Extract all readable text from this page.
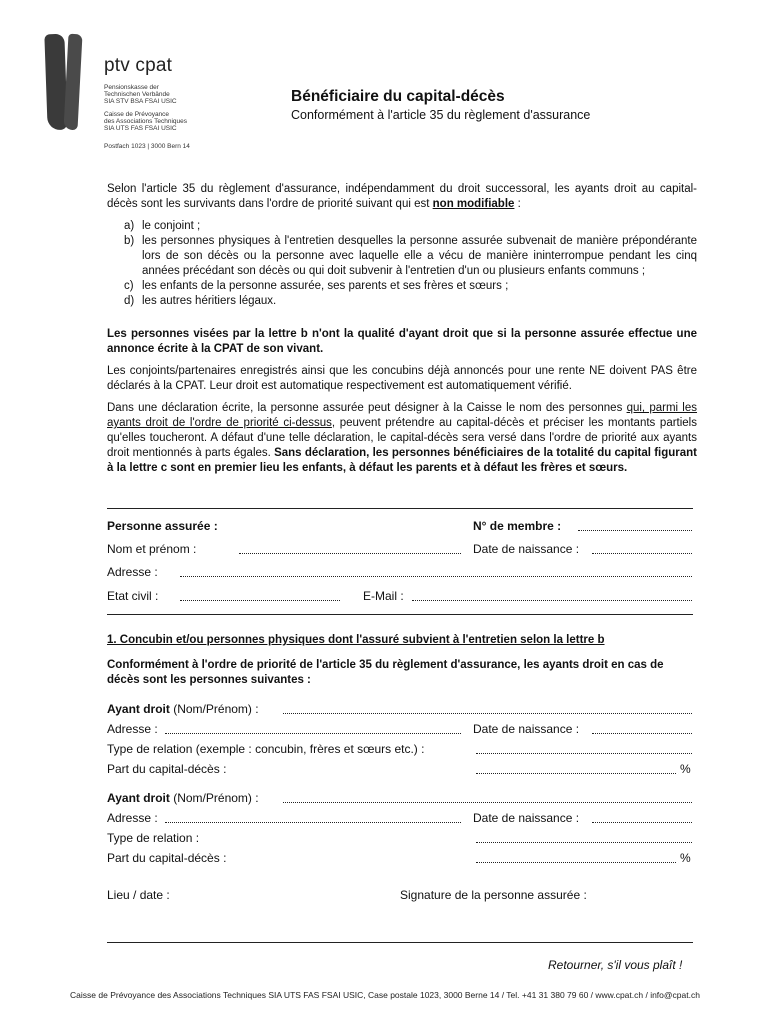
ptv cpat
Pensionskasse der
Technischen Verbände
SIA STV BSA FSAI USIC
Caisse de Prévoyance
des Associations Techniques
SIA UTS FAS FSAI USIC
Postfach 1023 | 3000 Bern 14
Bénéficiaire du capital-décès
Conformément à l'article 35 du règlement d'assurance
Selon l'article 35 du règlement d'assurance, indépendamment du droit successoral, les ayants droit au capital-décès sont les survivants dans l'ordre de priorité suivant qui est non modifiable :
a) le conjoint ;
b) les personnes physiques à l'entretien desquelles la personne assurée subvenait de manière prépondérante lors de son décès ou la personne avec laquelle elle a vécu de manière ininterrompue pendant les cinq années précédant son décès ou qui doit subvenir à l'entretien d'un ou plusieurs enfants communs ;
c) les enfants de la personne assurée, ses parents et ses frères et sœurs ;
d) les autres héritiers légaux.
Les personnes visées par la lettre b n'ont la qualité d'ayant droit que si la personne assurée effectue une annonce écrite à la CPAT de son vivant.
Les conjoints/partenaires enregistrés ainsi que les concubins déjà annoncés pour une rente NE doivent PAS être déclarés à la CPAT. Leur droit est automatique respectivement est automatiquement vérifié.
Dans une déclaration écrite, la personne assurée peut désigner à la Caisse le nom des personnes qui, parmi les ayants droit de l'ordre de priorité ci-dessus, peuvent prétendre au capital-décès et préciser les montants partiels qu'elles toucheront. A défaut d'une telle déclaration, le capital-décès sera versé dans l'ordre de priorité aux ayants droit mentionnés à parts égales. Sans déclaration, les personnes bénéficiaires de la totalité du capital figurant à la lettre c sont en premier lieu les enfants, à défaut les parents et à défaut les frères et sœurs.
Personne assurée :	N° de membre :
Nom et prénom :	Date de naissance :
Adresse :
Etat civil :	E-Mail :
1. Concubin et/ou personnes physiques dont l'assuré subvient à l'entretien selon la lettre b
Conformément à l'ordre de priorité de l'article 35 du règlement d'assurance, les ayants droit en cas de décès sont les personnes suivantes :
Ayant droit (Nom/Prénom) :
Adresse :	Date de naissance :
Type de relation (exemple : concubin, frères et sœurs etc.) :
Part du capital-décès :	%
Ayant droit (Nom/Prénom) :
Adresse :	Date de naissance :
Type de relation :
Part du capital-décès :	%
Lieu / date :	Signature de la personne assurée :
Retourner, s'il vous plaît !
Caisse de Prévoyance des Associations Techniques SIA UTS FAS FSAI USIC, Case postale 1023, 3000 Berne 14 / Tel. +41 31 380 79 60 / www.cpat.ch / info@cpat.ch
